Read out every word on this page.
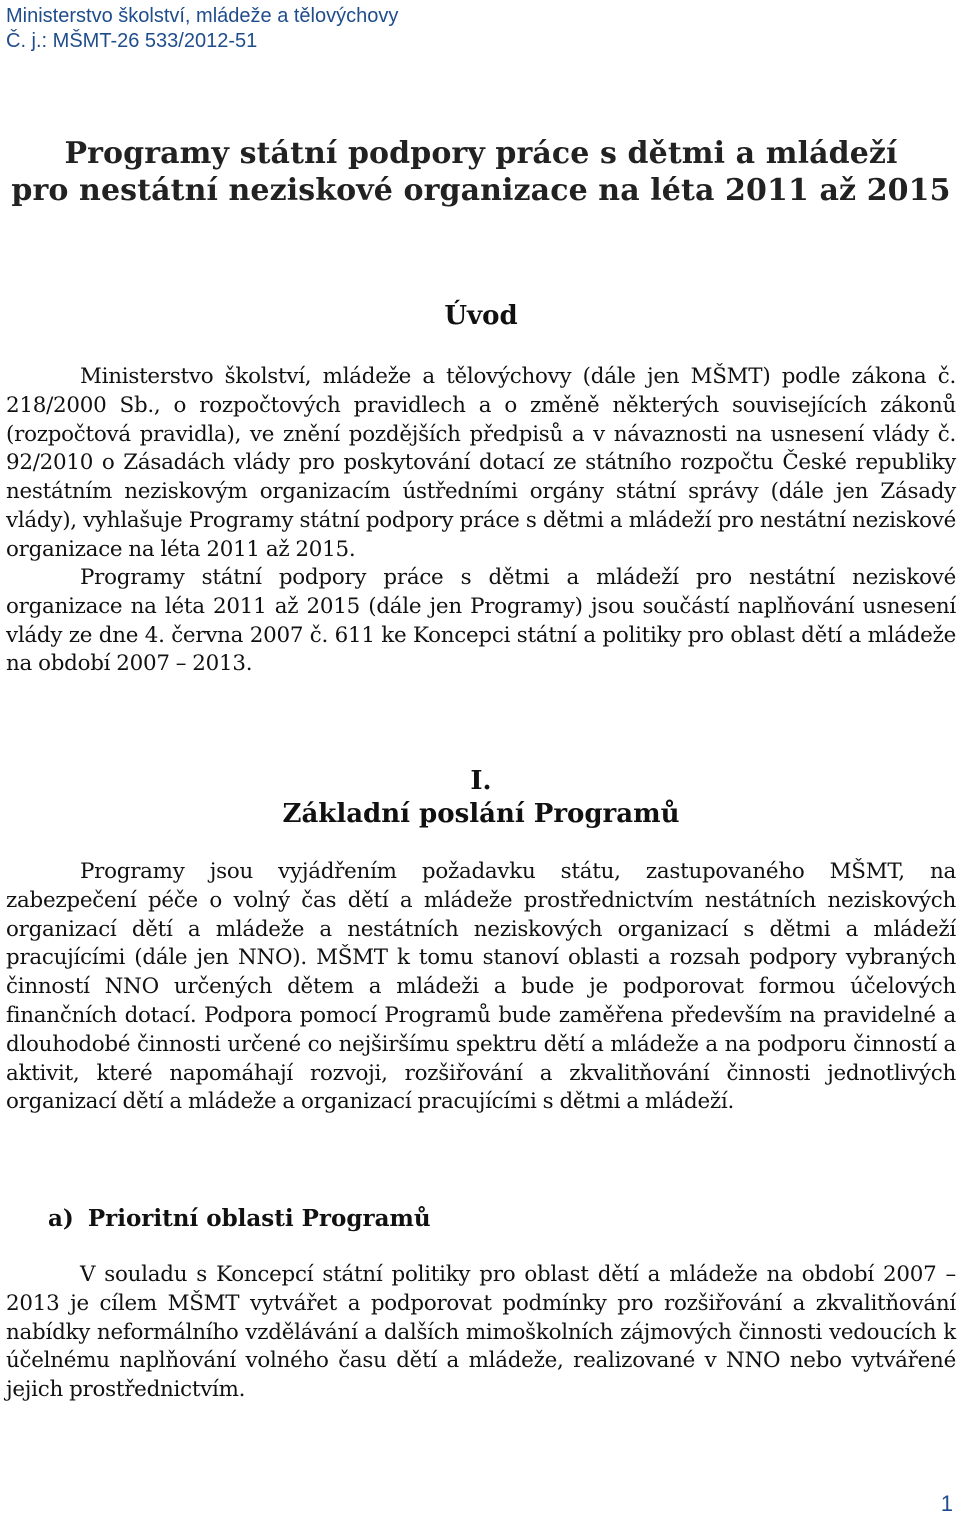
Ministerstvo školství, mládeže a tělovýchovy
Č. j.: MŠMT-26 533/2012-51
Programy státní podpory práce s dětmi a mládeží
pro nestátní neziskové organizace na léta 2011 až 2015
Úvod

Ministerstvo školství, mládeže a tělovýchovy (dále jen MŠMT) podle zákona č. 218/2000 Sb., o rozpočtových pravidlech a o změně některých souvisejících zákonů (rozpočtová pravidla), ve znění pozdějších předpisů a v návaznosti na usnesení vlády č. 92/2010 o Zásadách vlády pro poskytování dotací ze státního rozpočtu České republiky nestátním neziskovým organizacím ústředními orgány státní správy (dále jen Zásady vlády), vyhlašuje Programy státní podpory práce s dětmi a mládeží pro nestátní neziskové organizace na léta 2011 až 2015.

Programy státní podpory práce s dětmi a mládeží pro nestátní neziskové organizace na léta 2011 až 2015 (dále jen Programy) jsou součástí naplňování usnesení vlády ze dne 4. června 2007 č. 611 ke Koncepci státní a politiky pro oblast dětí a mládeže na období 2007 – 2013.

I.
Základní poslání Programů

Programy jsou vyjádřením požadavku státu, zastupovaného MŠMT, na zabezpečení péče o volný čas dětí a mládeže prostřednictvím nestátních neziskových organizací dětí a mládeže a nestátních neziskových organizací s dětmi a mládeží pracujícími (dále jen NNO). MŠMT k tomu stanoví oblasti a rozsah podpory vybraných činností NNO určených dětem a mládeži a bude je podporovat formou účelových finančních dotací. Podpora pomocí Programů bude zaměřena především na pravidelné a dlouhodobé činnosti určené co nejširšímu spektru dětí a mládeže a na podporu činností a aktivit, které napomáhají rozvoji, rozšiřování a zkvalitňování činnosti jednotlivých organizací dětí a mládeže a organizací pracujícími s dětmi a mládeží.

a) Prioritní oblasti Programů

V souladu s Koncepcí státní politiky pro oblast dětí a mládeže na období 2007 – 2013 je cílem MŠMT vytvářet a podporovat podmínky pro rozšiřování a zkvalitňování nabídky neformálního vzdělávání a dalších mimoškolních zájmových činnosti vedoucích k účelnému naplňování volného času dětí a mládeže, realizované v NNO nebo vytvářené jejich prostřednictvím.

1
